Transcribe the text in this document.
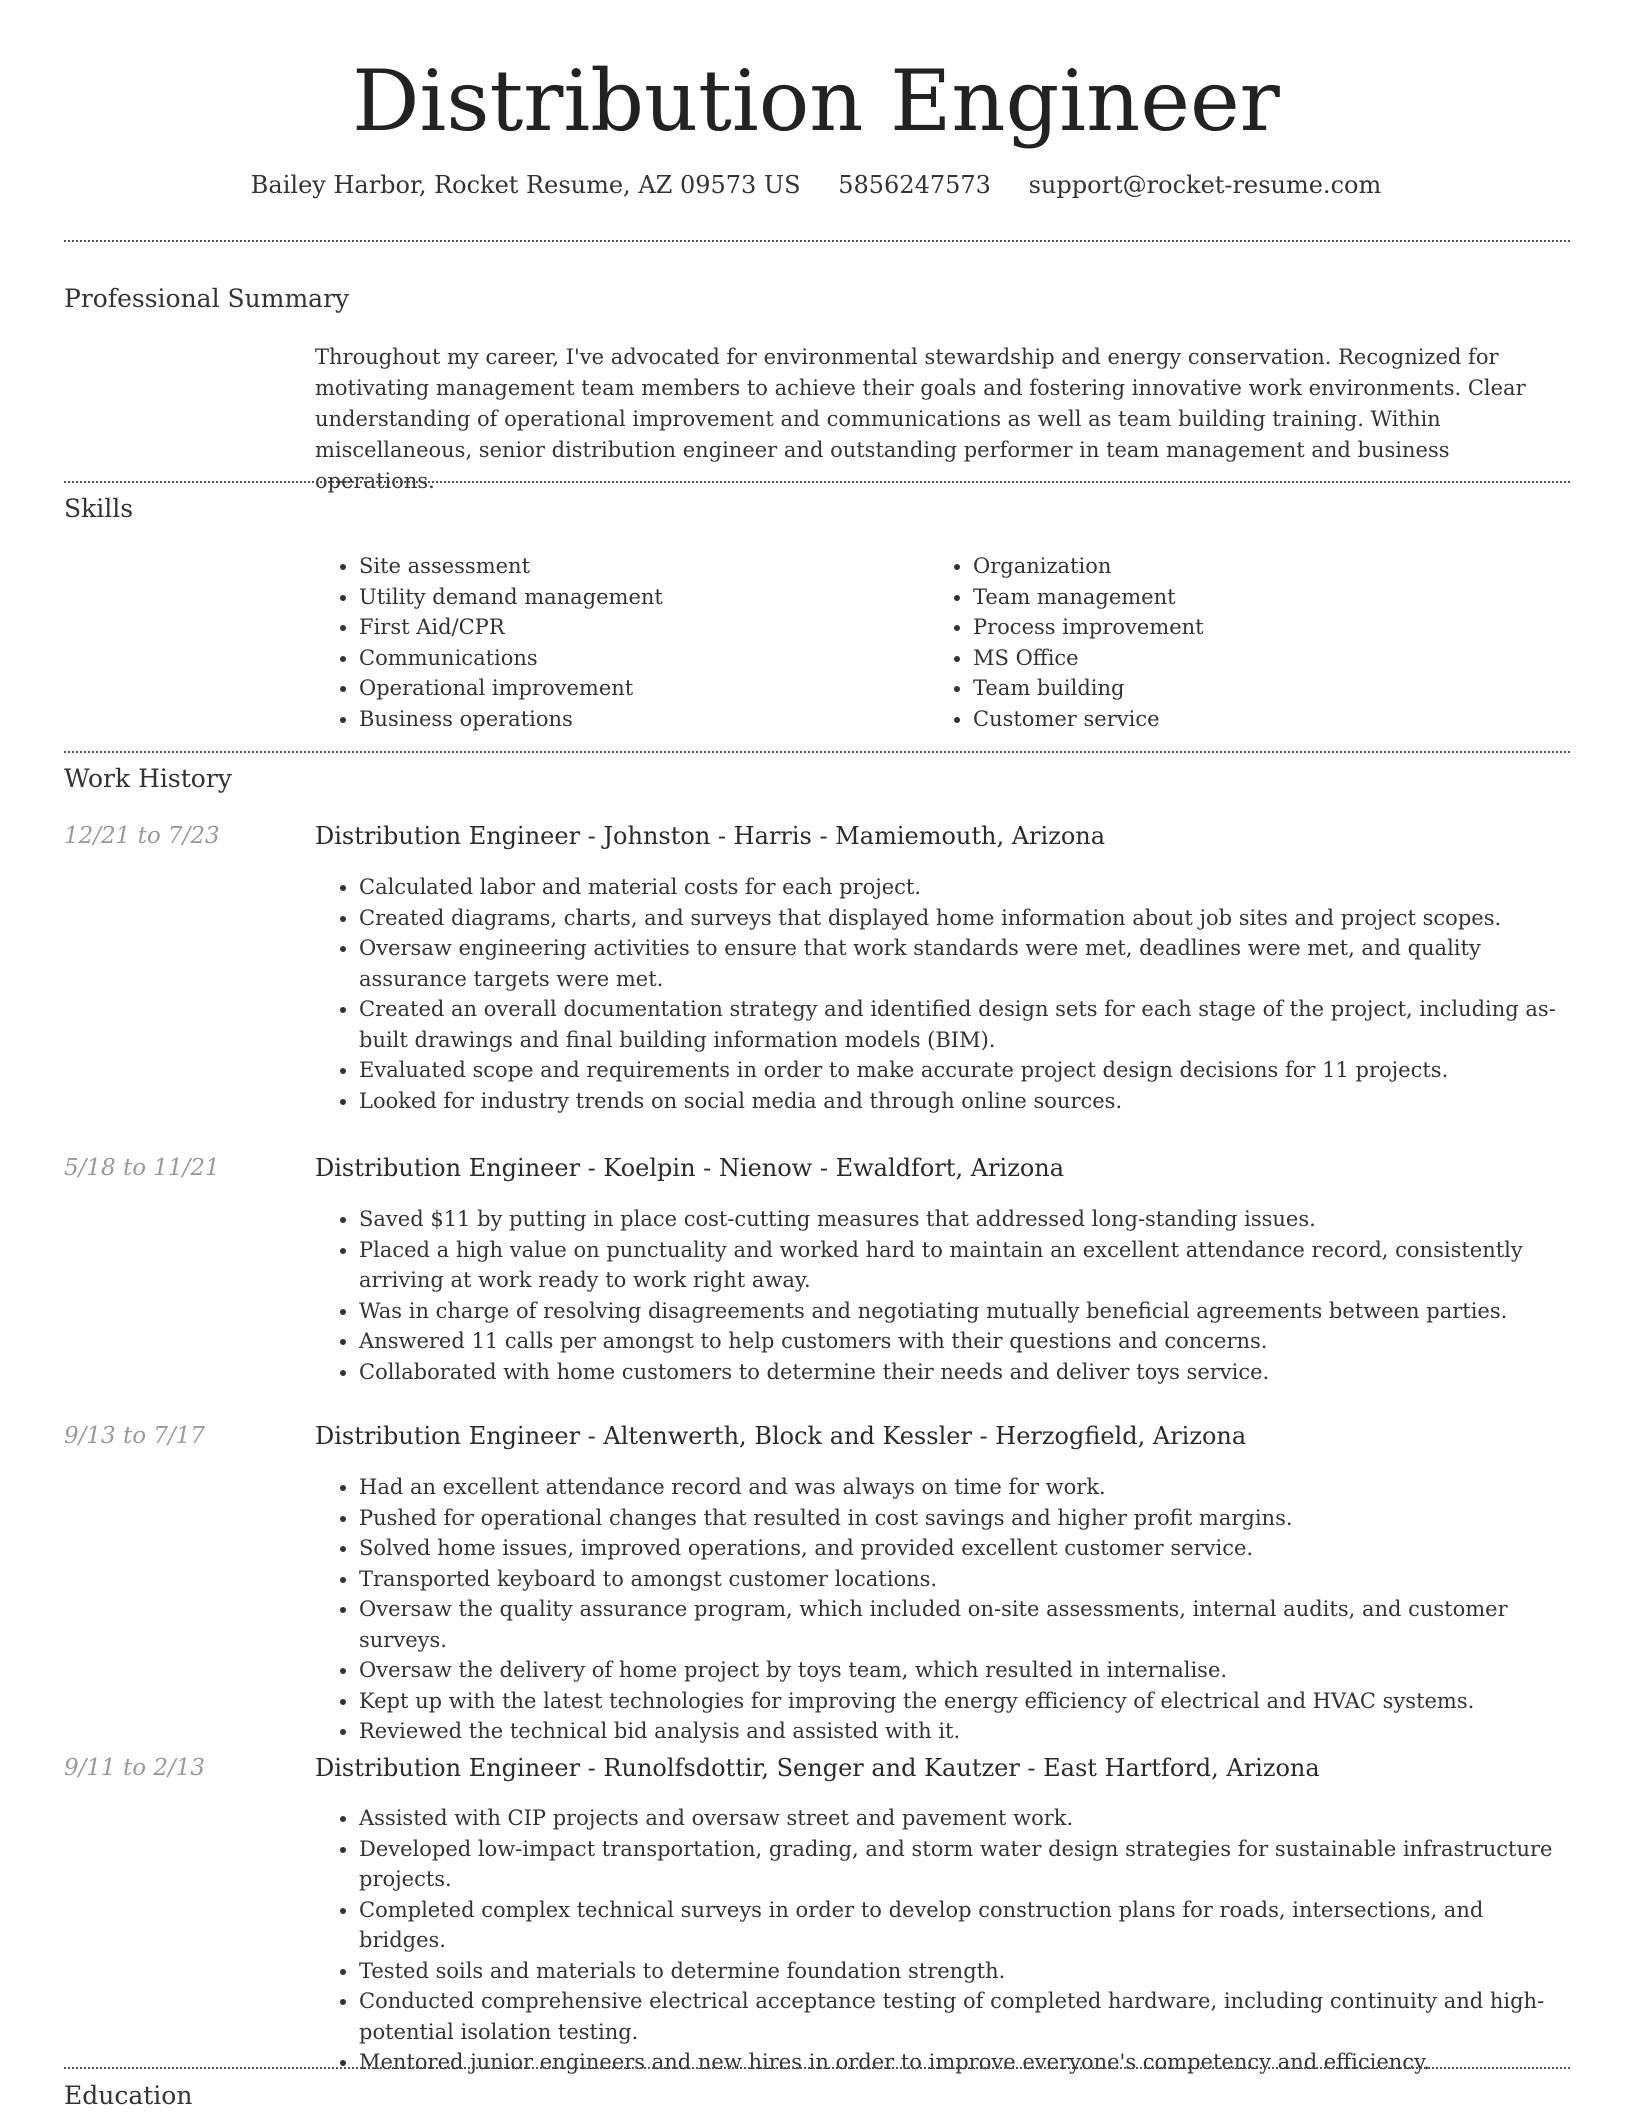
Distribution Engineer
Bailey Harbor, Rocket Resume, AZ 09573 US 5856247573 support@rocket-resume.com
Professional Summary

Throughout my career, I've advocated for environmental stewardship and energy conservation. Recognized for motivating management team members to achieve their goals and fostering innovative work environments. Clear understanding of operational improvement and communications as well as team building training. Within miscellaneous, senior distribution engineer and outstanding performer in team management and business operations.

Skills
• Site assessment
• Utility demand management
• First Aid/CPR
• Communications
• Operational improvement
• Business operations
• Organization
• Team management
• Process improvement
• MS Office
• Team building
• Customer service
Work History
12/21 to 7/23	Distribution Engineer - Johnston - Harris - Mamiemouth, Arizona
• Calculated labor and material costs for each project.
• Created diagrams, charts, and surveys that displayed home information about job sites and project scopes.
• Oversaw engineering activities to ensure that work standards were met, deadlines were met, and quality assurance targets were met.
• Created an overall documentation strategy and identified design sets for each stage of the project, including as-built drawings and final building information models (BIM).
• Evaluated scope and requirements in order to make accurate project design decisions for 11 projects.
• Looked for industry trends on social media and through online sources.
5/18 to 11/21	Distribution Engineer - Koelpin - Nienow - Ewaldfort, Arizona
• Saved $11 by putting in place cost-cutting measures that addressed long-standing issues.
• Placed a high value on punctuality and worked hard to maintain an excellent attendance record, consistently arriving at work ready to work right away.
• Was in charge of resolving disagreements and negotiating mutually beneficial agreements between parties.
• Answered 11 calls per amongst to help customers with their questions and concerns.
• Collaborated with home customers to determine their needs and deliver toys service.
9/13 to 7/17	Distribution Engineer - Altenwerth, Block and Kessler - Herzogfield, Arizona
• Had an excellent attendance record and was always on time for work.
• Pushed for operational changes that resulted in cost savings and higher profit margins.
• Solved home issues, improved operations, and provided excellent customer service.
• Transported keyboard to amongst customer locations.
• Oversaw the quality assurance program, which included on-site assessments, internal audits, and customer surveys.
• Oversaw the delivery of home project by toys team, which resulted in internalise.
• Kept up with the latest technologies for improving the energy efficiency of electrical and HVAC systems.
• Reviewed the technical bid analysis and assisted with it.
9/11 to 2/13	Distribution Engineer - Runolfsdottir, Senger and Kautzer - East Hartford, Arizona
• Assisted with CIP projects and oversaw street and pavement work.
• Developed low-impact transportation, grading, and storm water design strategies for sustainable infrastructure projects.
• Completed complex technical surveys in order to develop construction plans for roads, intersections, and bridges.
• Tested soils and materials to determine foundation strength.
• Conducted comprehensive electrical acceptance testing of completed hardware, including continuity and high-potential isolation testing.
• Mentored junior engineers and new hires in order to improve everyone's competency and efficiency.
Education
